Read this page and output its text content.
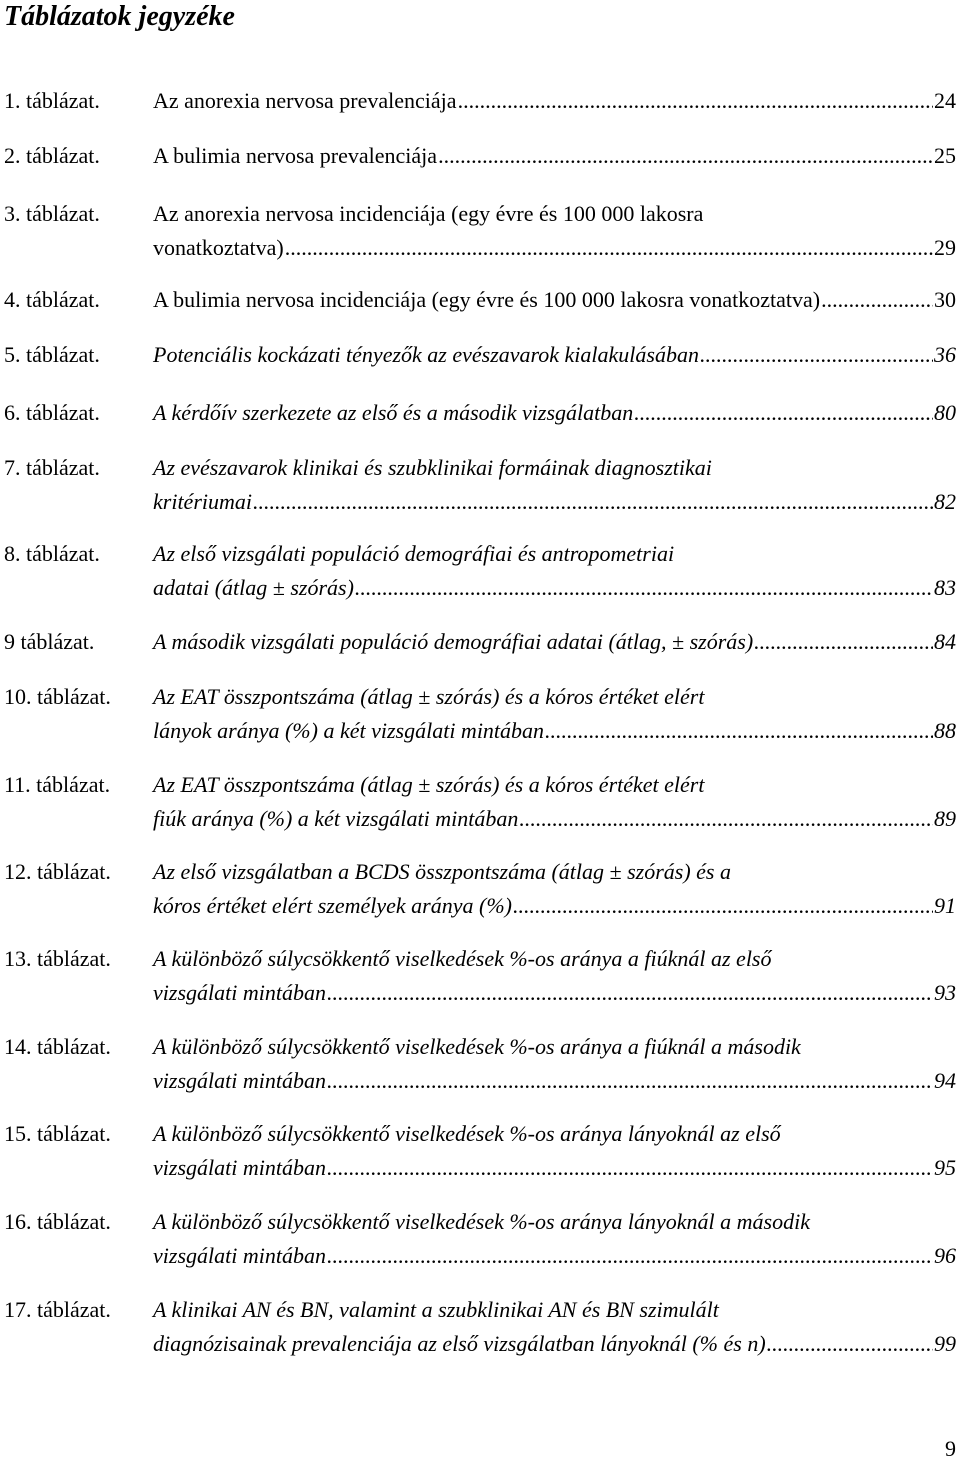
Táblázatok jegyzéke
1. táblázat. Az anorexia nervosa prevalenciája .....	24
2. táblázat. A bulimia nervosa prevalenciája .....	25
3. táblázat. Az anorexia nervosa incidenciája (egy évre és 100 000 lakosra
vonatkoztatva) .....	29
4. táblázat. A bulimia nervosa incidenciája (egy évre és 100 000 lakosra vonatkoztatva) .....	30
5. táblázat. Potenciális kockázati tényezők az evészavarok kialakulásában .....	36
6. táblázat. A kérdőív szerkezete az első és a második vizsgálatban .....	80
7. táblázat. Az evészavarok klinikai és szubklinikai formáinak diagnosztikai
kritériumai .....	82
8. táblázat. Az első vizsgálati populáció demográfiai és antropometriai
adatai (átlag ± szórás) .....	83
9 táblázat.	A második vizsgálati populáció demográfiai adatai (átlag, ± szórás) .....	84
10. táblázat. Az EAT összpontszáma (átlag ± szórás) és a kóros értéket elért
lányok aránya (%) a két vizsgálati mintában .....	88
11. táblázat. Az EAT összpontszáma (átlag ± szórás) és a kóros értéket elért
fiúk aránya (%) a két vizsgálati mintában .....	89
12. táblázat. Az első vizsgálatban a BCDS összpontszáma (átlag ± szórás) és a
kóros értéket elért személyek aránya (%) .....	91
13. táblázat. A különböző súlycsökkentő viselkedések %-os aránya a fiúknál az első
vizsgálati mintában .....	93
14. táblázat. A különböző súlycsökkentő viselkedések %-os aránya a fiúknál a második
vizsgálati mintában .....	94
15. táblázat. A különböző súlycsökkentő viselkedések %-os aránya lányoknál az első
vizsgálati mintában .....	95
16. táblázat. A különböző súlycsökkentő viselkedések %-os aránya lányoknál a második
vizsgálati mintában .....	96
17. táblázat. A klinikai AN és BN, valamint a szubklinikai AN és BN szimulált
diagnózisainak prevalenciája az első vizsgálatban lányoknál (% és n) .....	99
9
